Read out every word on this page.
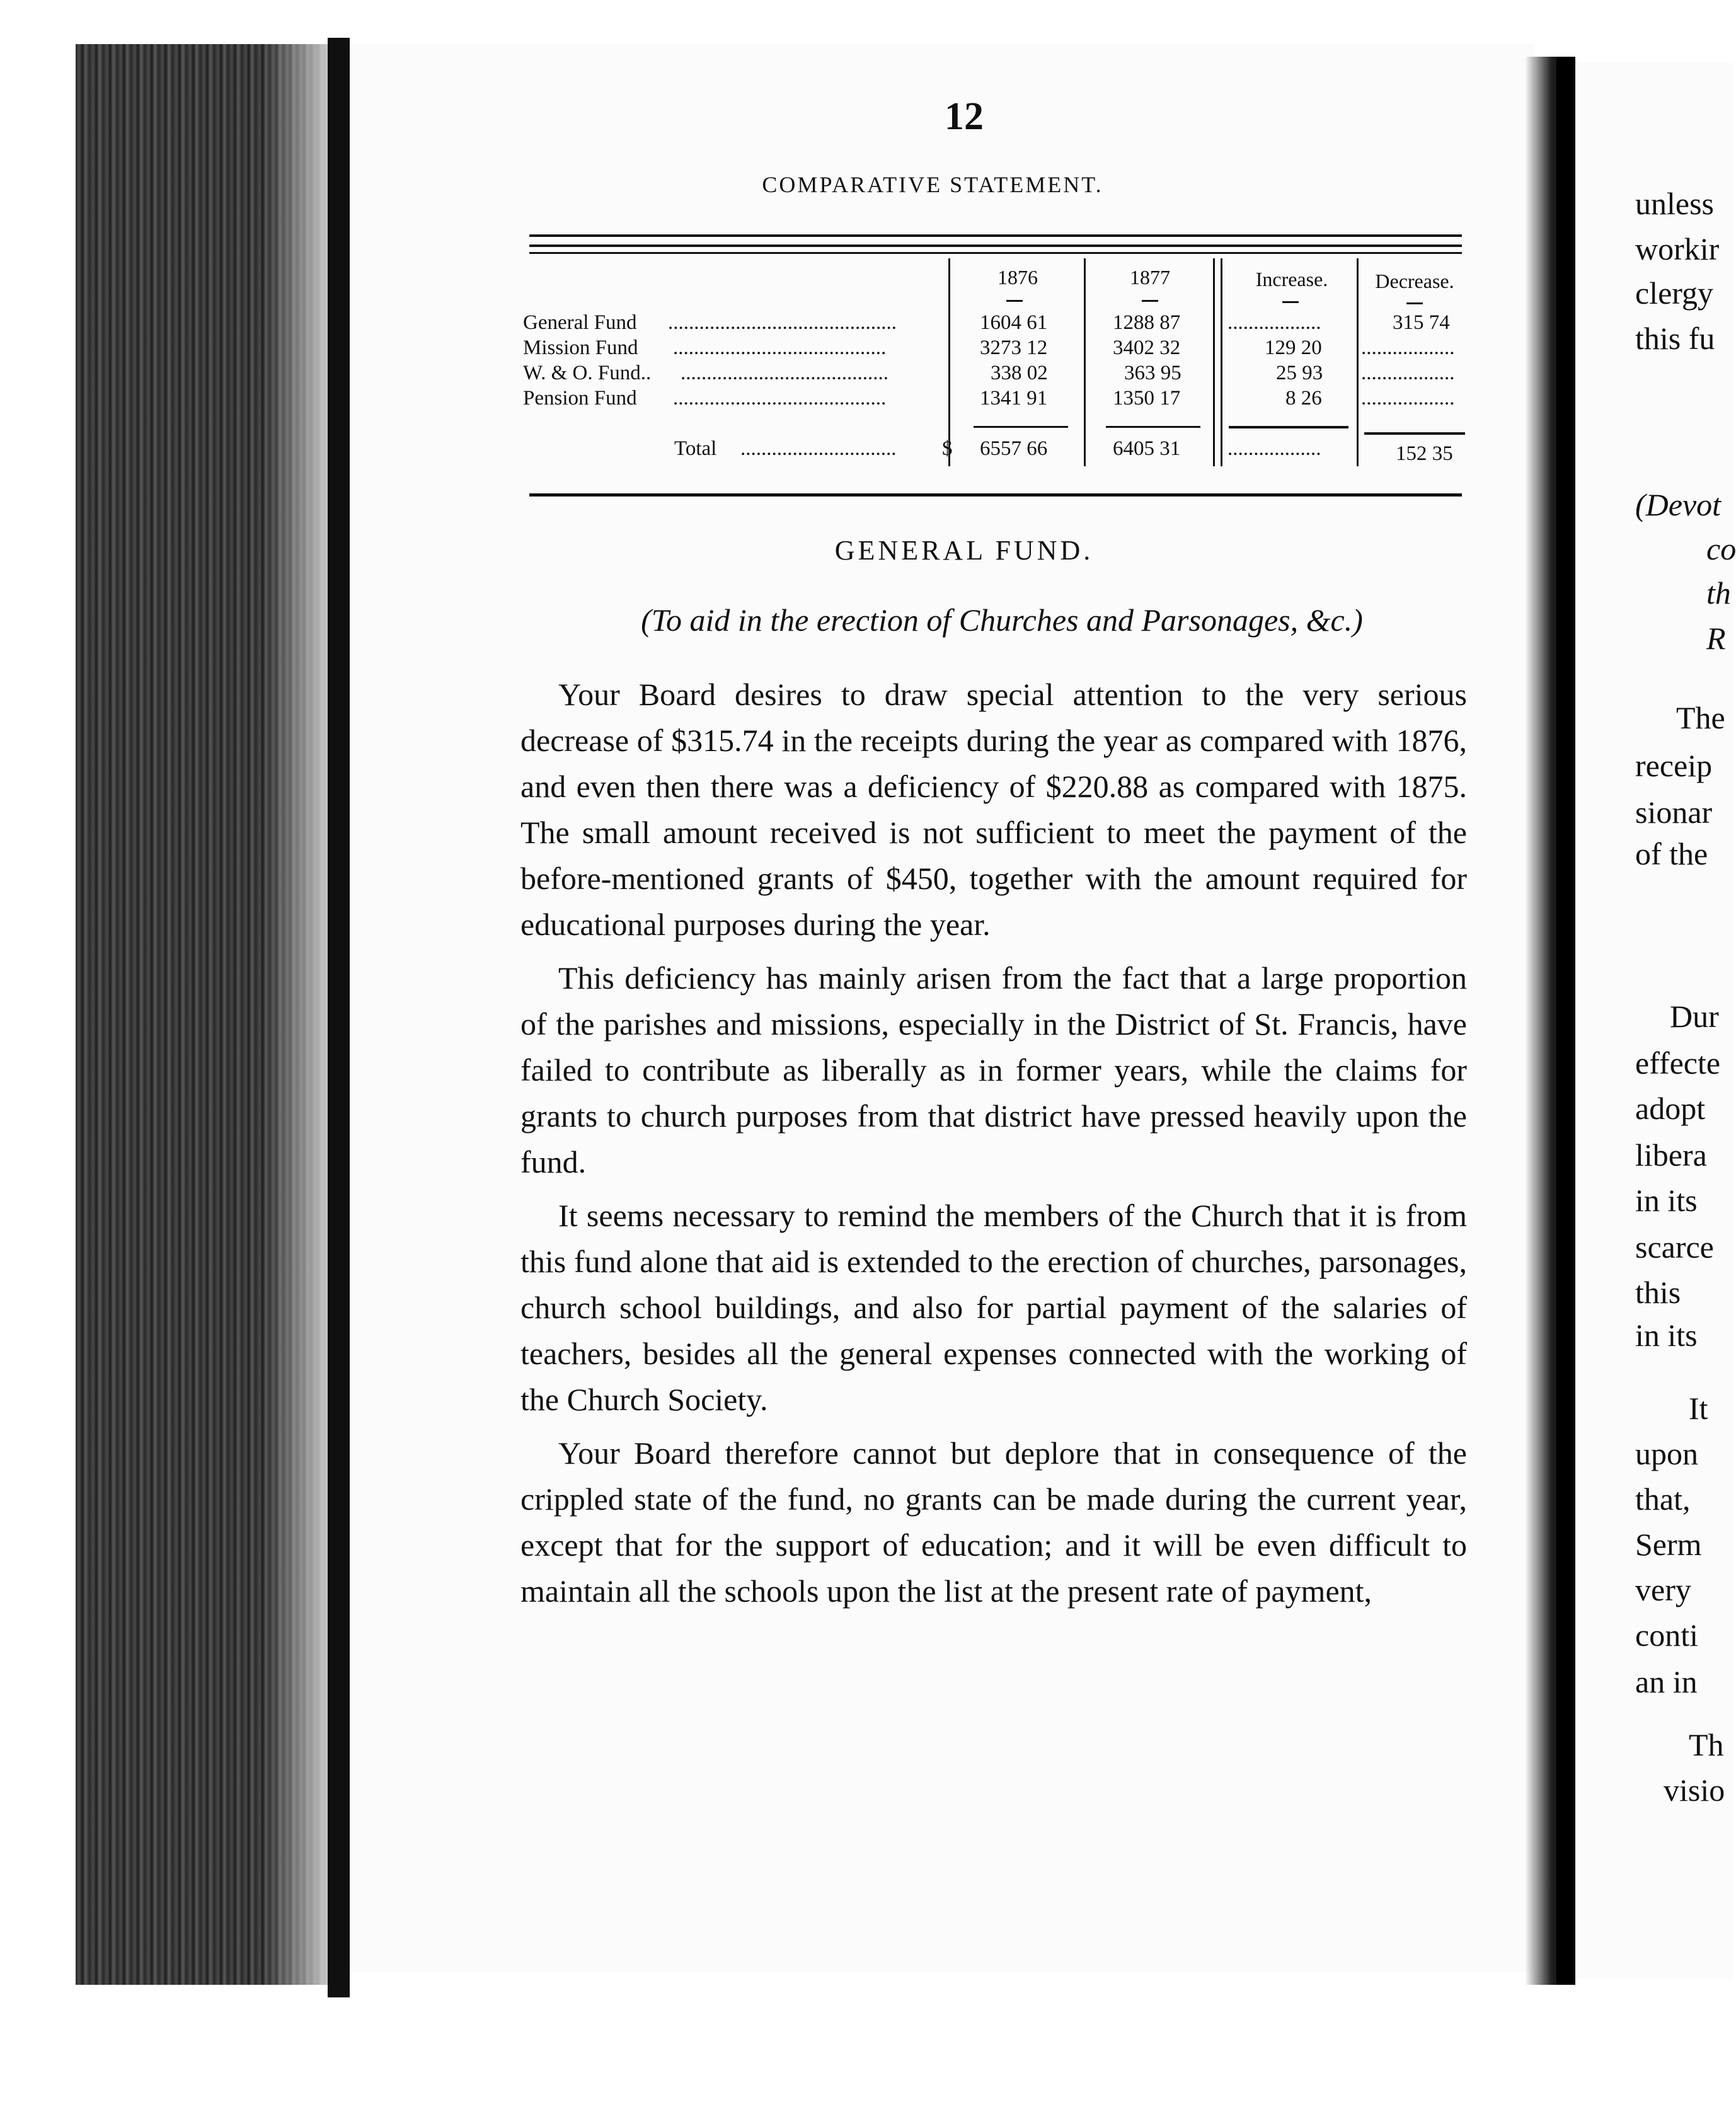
12
COMPARATIVE STATEMENT.
1876	1877	Increase.	Decrease.
General Fund ............................................	1604 61	1288 87 ..................	315 74
Mission Fund .........................................	3273 12	3402 32	129 20 ..................
W. & O. Fund.. ........................................	338 02	363 95	25 93 ..................
Pension Fund .........................................	1341 91	1350 17	8 26 ..................
Total .............................. $ 6557 66	6405 31 ..................	152 35
GENERAL FUND.
(To aid in the erection of Churches and Parsonages, &c.)

Your Board desires to draw special attention to the very serious decrease of $315.74 in the receipts during the year as compared with 1876, and even then there was a deficiency of $220.88 as compared with 1875. The small amount received is not sufficient to meet the payment of the before-mentioned grants of $450, together with the amount required for educational purposes during the year.

This deficiency has mainly arisen from the fact that a large proportion of the parishes and missions, especially in the District of St. Francis, have failed to contribute as liberally as in former years, while the claims for grants to church purposes from that district have pressed heavily upon the fund.

It seems necessary to remind the members of the Church that it is from this fund alone that aid is extended to the erection of churches, parsonages, church school buildings, and also for partial payment of the salaries of teachers, besides all the general expenses connected with the working of the Church Society.

Your Board therefore cannot but deplore that in consequence of the crippled state of the fund, no grants can be made during the current year, except that for the support of education; and it will be even difficult to maintain all the schools upon the list at the present rate of payment,

unless
workir
clergy
this fu
(Devot
co
th
R
The
receip
sionar
of the
Dur
effecte
adopt
libera
in its
scarce
this
in its
It
upon
that,
Serm
very
conti
an in
Th
visio
